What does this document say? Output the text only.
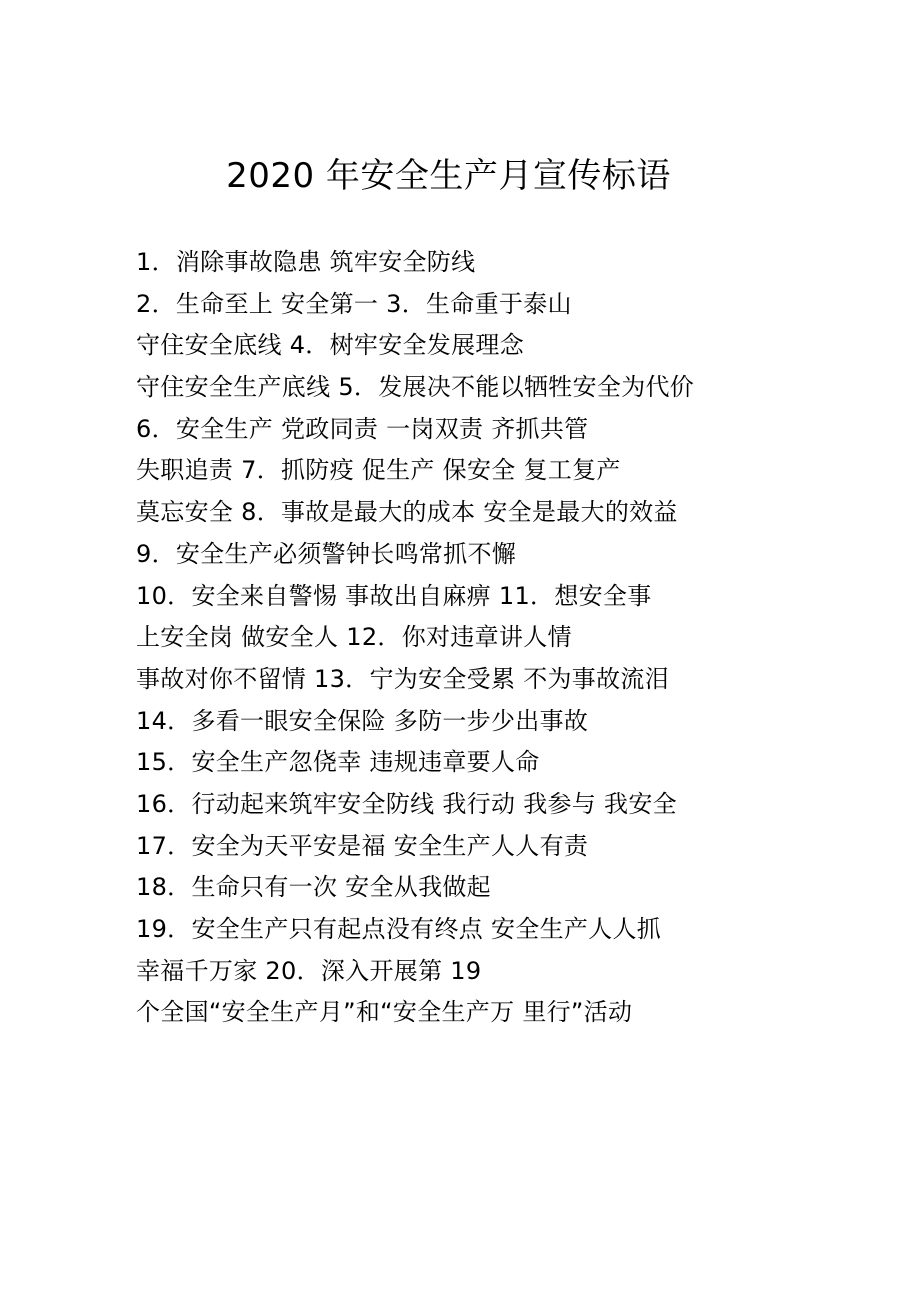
2020 年安全生产月宣传标语
1．消除事故隐患 筑牢安全防线
2．生命至上 安全第一 3．生命重于泰山
守住安全底线 4．树牢安全发展理念
守住安全生产底线 5．发展决不能以牺牲安全为代价
6．安全生产 党政同责 一岗双责 齐抓共管
失职追责 7．抓防疫 促生产 保安全 复工复产
莫忘安全 8．事故是最大的成本 安全是最大的效益
9．安全生产必须警钟长鸣常抓不懈
10．安全来自警惕 事故出自麻痹 11．想安全事
上安全岗 做安全人 12．你对违章讲人情
事故对你不留情 13．宁为安全受累 不为事故流泪
14．多看一眼安全保险 多防一步少出事故
15．安全生产忽侥幸 违规违章要人命
16．行动起来筑牢安全防线 我行动 我参与 我安全
17．安全为天平安是福 安全生产人人有责
18．生命只有一次 安全从我做起
19．安全生产只有起点没有终点 安全生产人人抓
幸福千万家 20．深入开展第 19
个全国“安全生产月”和“安全生产万 里行”活动
